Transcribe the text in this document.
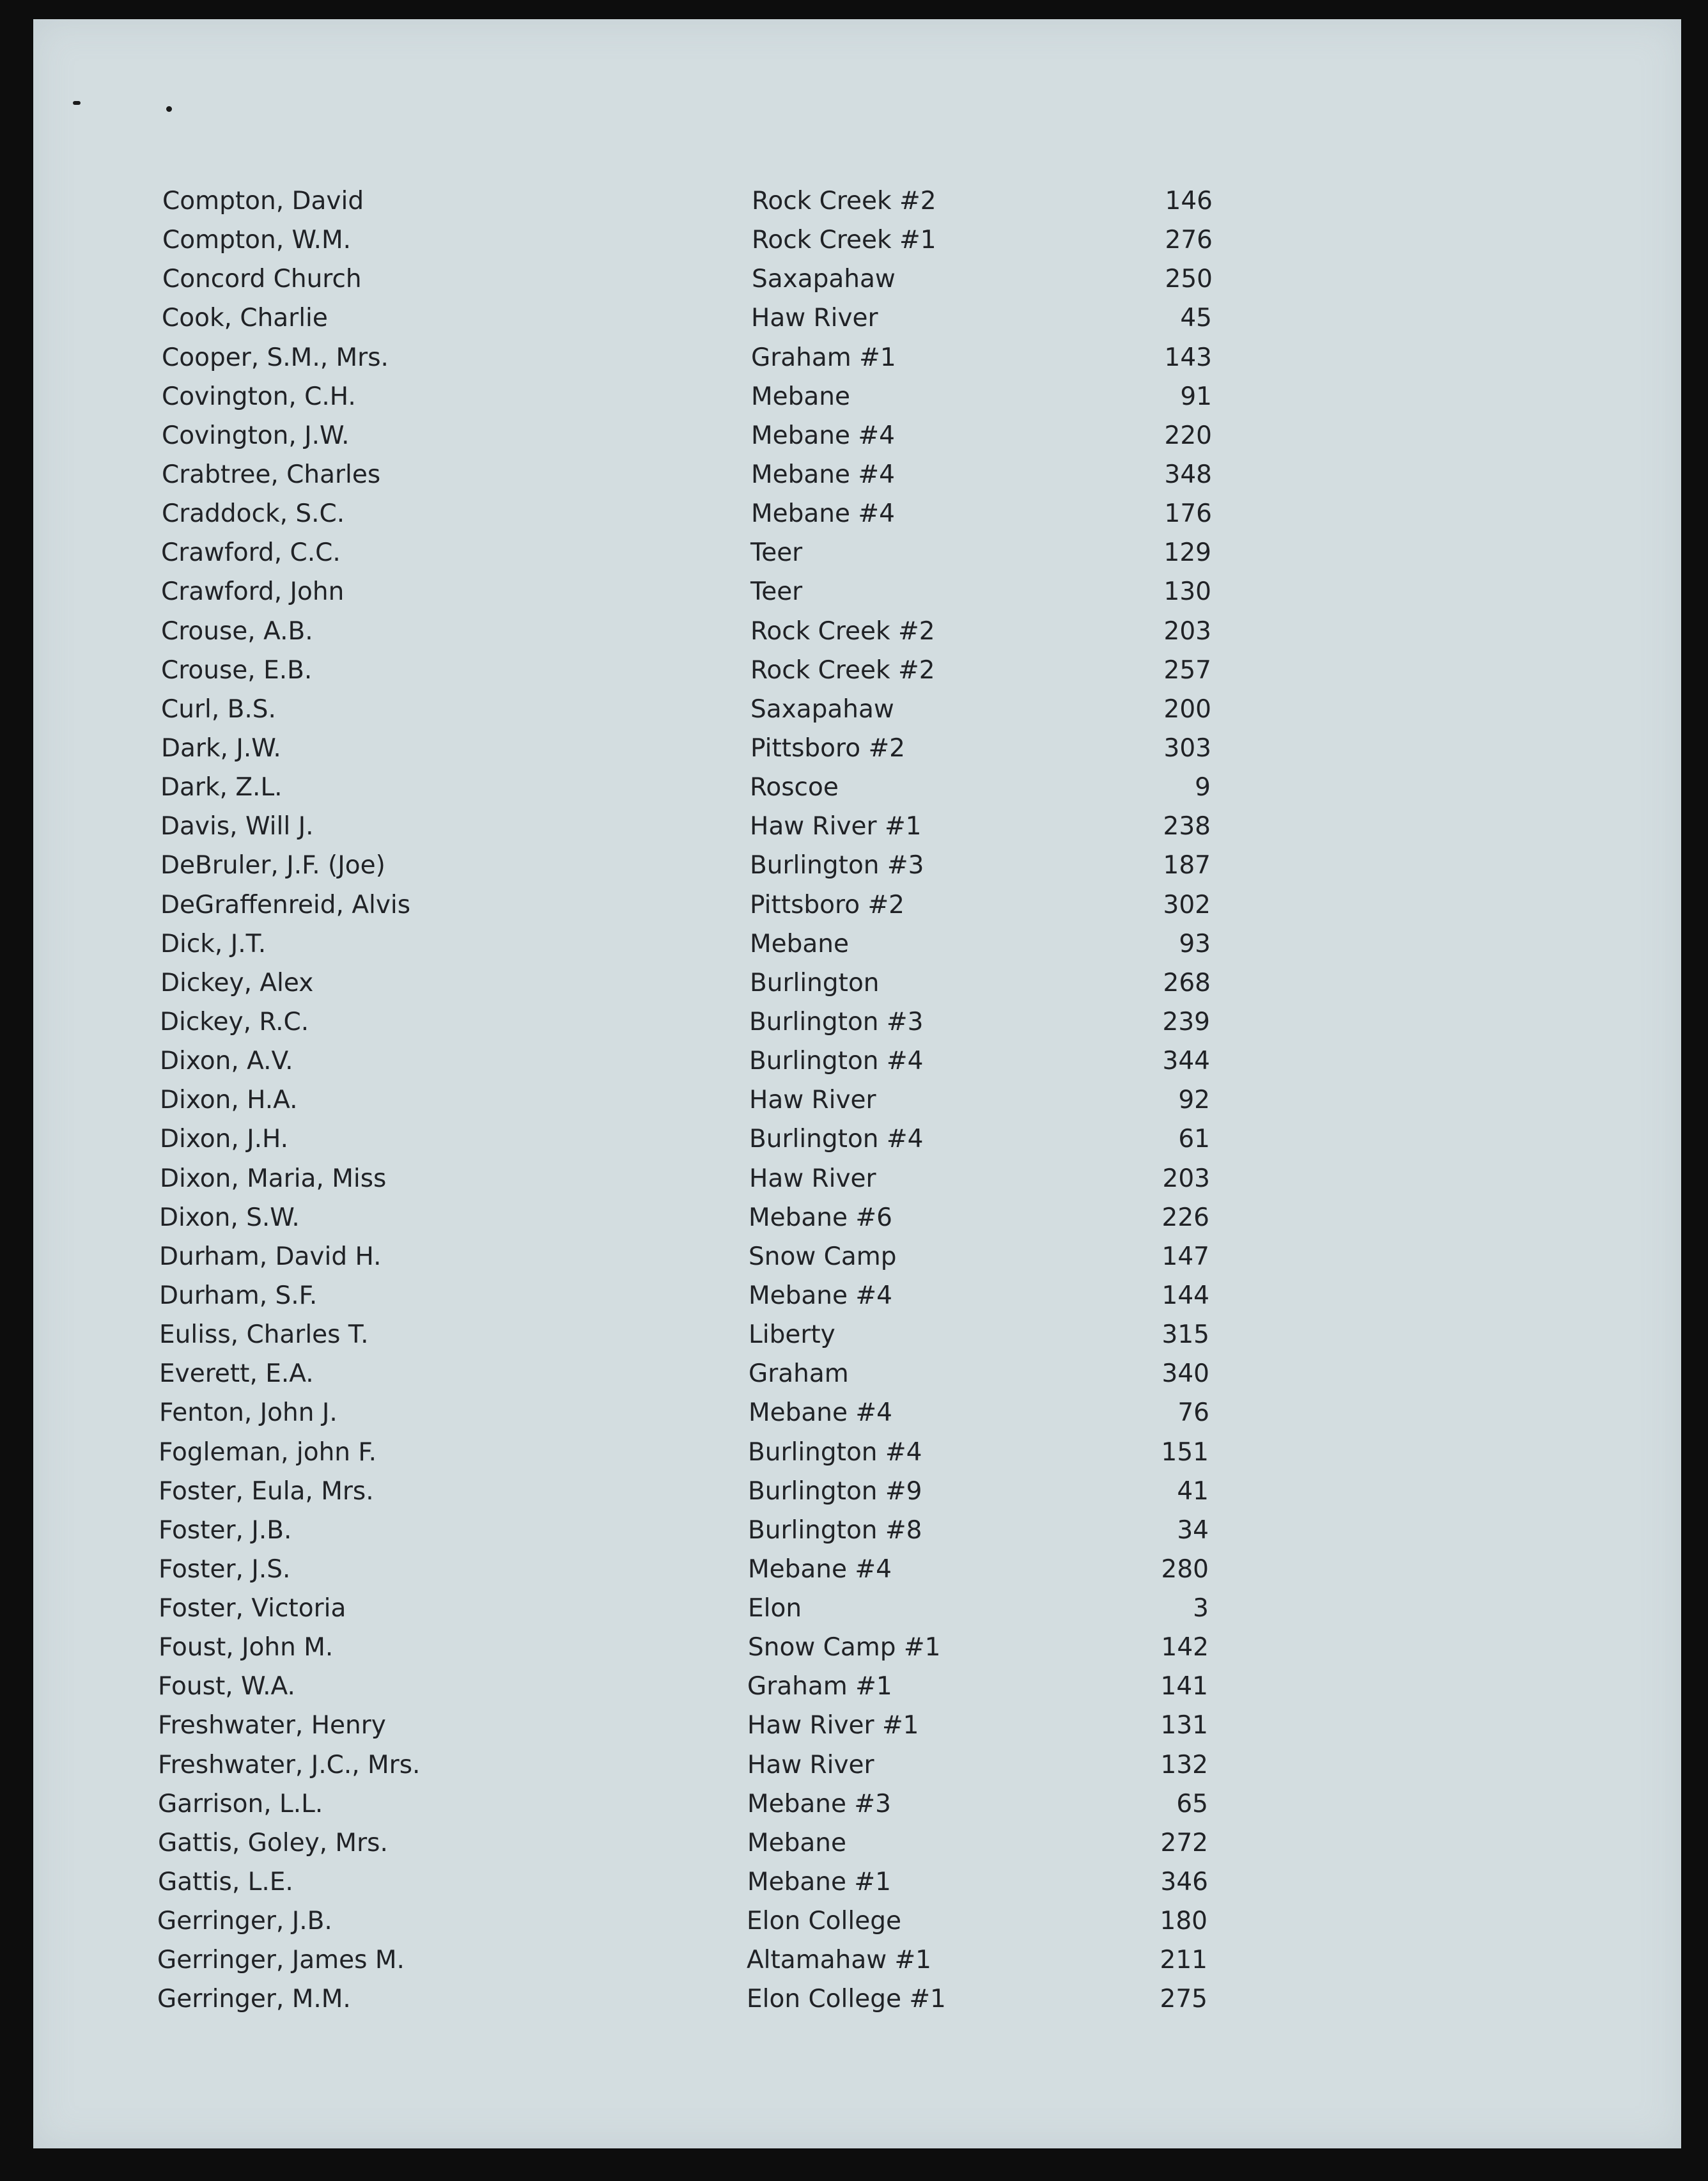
Compton, David	Rock Creek #2	146
Compton, W.M.	Rock Creek #1	276
Concord Church	Saxapahaw	250
Cook, Charlie	Haw River	45
Cooper, S.M., Mrs.	Graham #1	143
Covington, C.H.	Mebane	91
Covington, J.W.	Mebane #4	220
Crabtree, Charles	Mebane #4	348
Craddock, S.C.	Mebane #4	176
Crawford, C.C.	Teer	129
Crawford, John	Teer	130
Crouse, A.B.	Rock Creek #2	203
Crouse, E.B.	Rock Creek #2	257
Curl, B.S.	Saxapahaw	200
Dark, J.W.	Pittsboro #2	303
Dark, Z.L.	Roscoe	9
Davis, Will J.	Haw River #1	238
DeBruler, J.F. (Joe)	Burlington #3	187
DeGraffenreid, Alvis	Pittsboro #2	302
Dick, J.T.	Mebane	93
Dickey, Alex	Burlington	268
Dickey, R.C.	Burlington #3	239
Dixon, A.V.	Burlington #4	344
Dixon, H.A.	Haw River	92
Dixon, J.H.	Burlington #4	61
Dixon, Maria, Miss	Haw River	203
Dixon, S.W.	Mebane #6	226
Durham, David H.	Snow Camp	147
Durham, S.F.	Mebane #4	144
Euliss, Charles T.	Liberty	315
Everett, E.A.	Graham	340
Fenton, John J.	Mebane #4	76
Fogleman, john F.	Burlington #4	151
Foster, Eula, Mrs.	Burlington #9	41
Foster, J.B.	Burlington #8	34
Foster, J.S.	Mebane #4	280
Foster, Victoria	Elon	3
Foust, John M.	Snow Camp #1	142
Foust, W.A.	Graham #1	141
Freshwater, Henry	Haw River #1	131
Freshwater, J.C., Mrs.	Haw River	132
Garrison, L.L.	Mebane #3	65
Gattis, Goley, Mrs.	Mebane	272
Gattis, L.E.	Mebane #1	346
Gerringer, J.B.	Elon College	180
Gerringer, James M.	Altamahaw #1	211
Gerringer, M.M.	Elon College #1	275
